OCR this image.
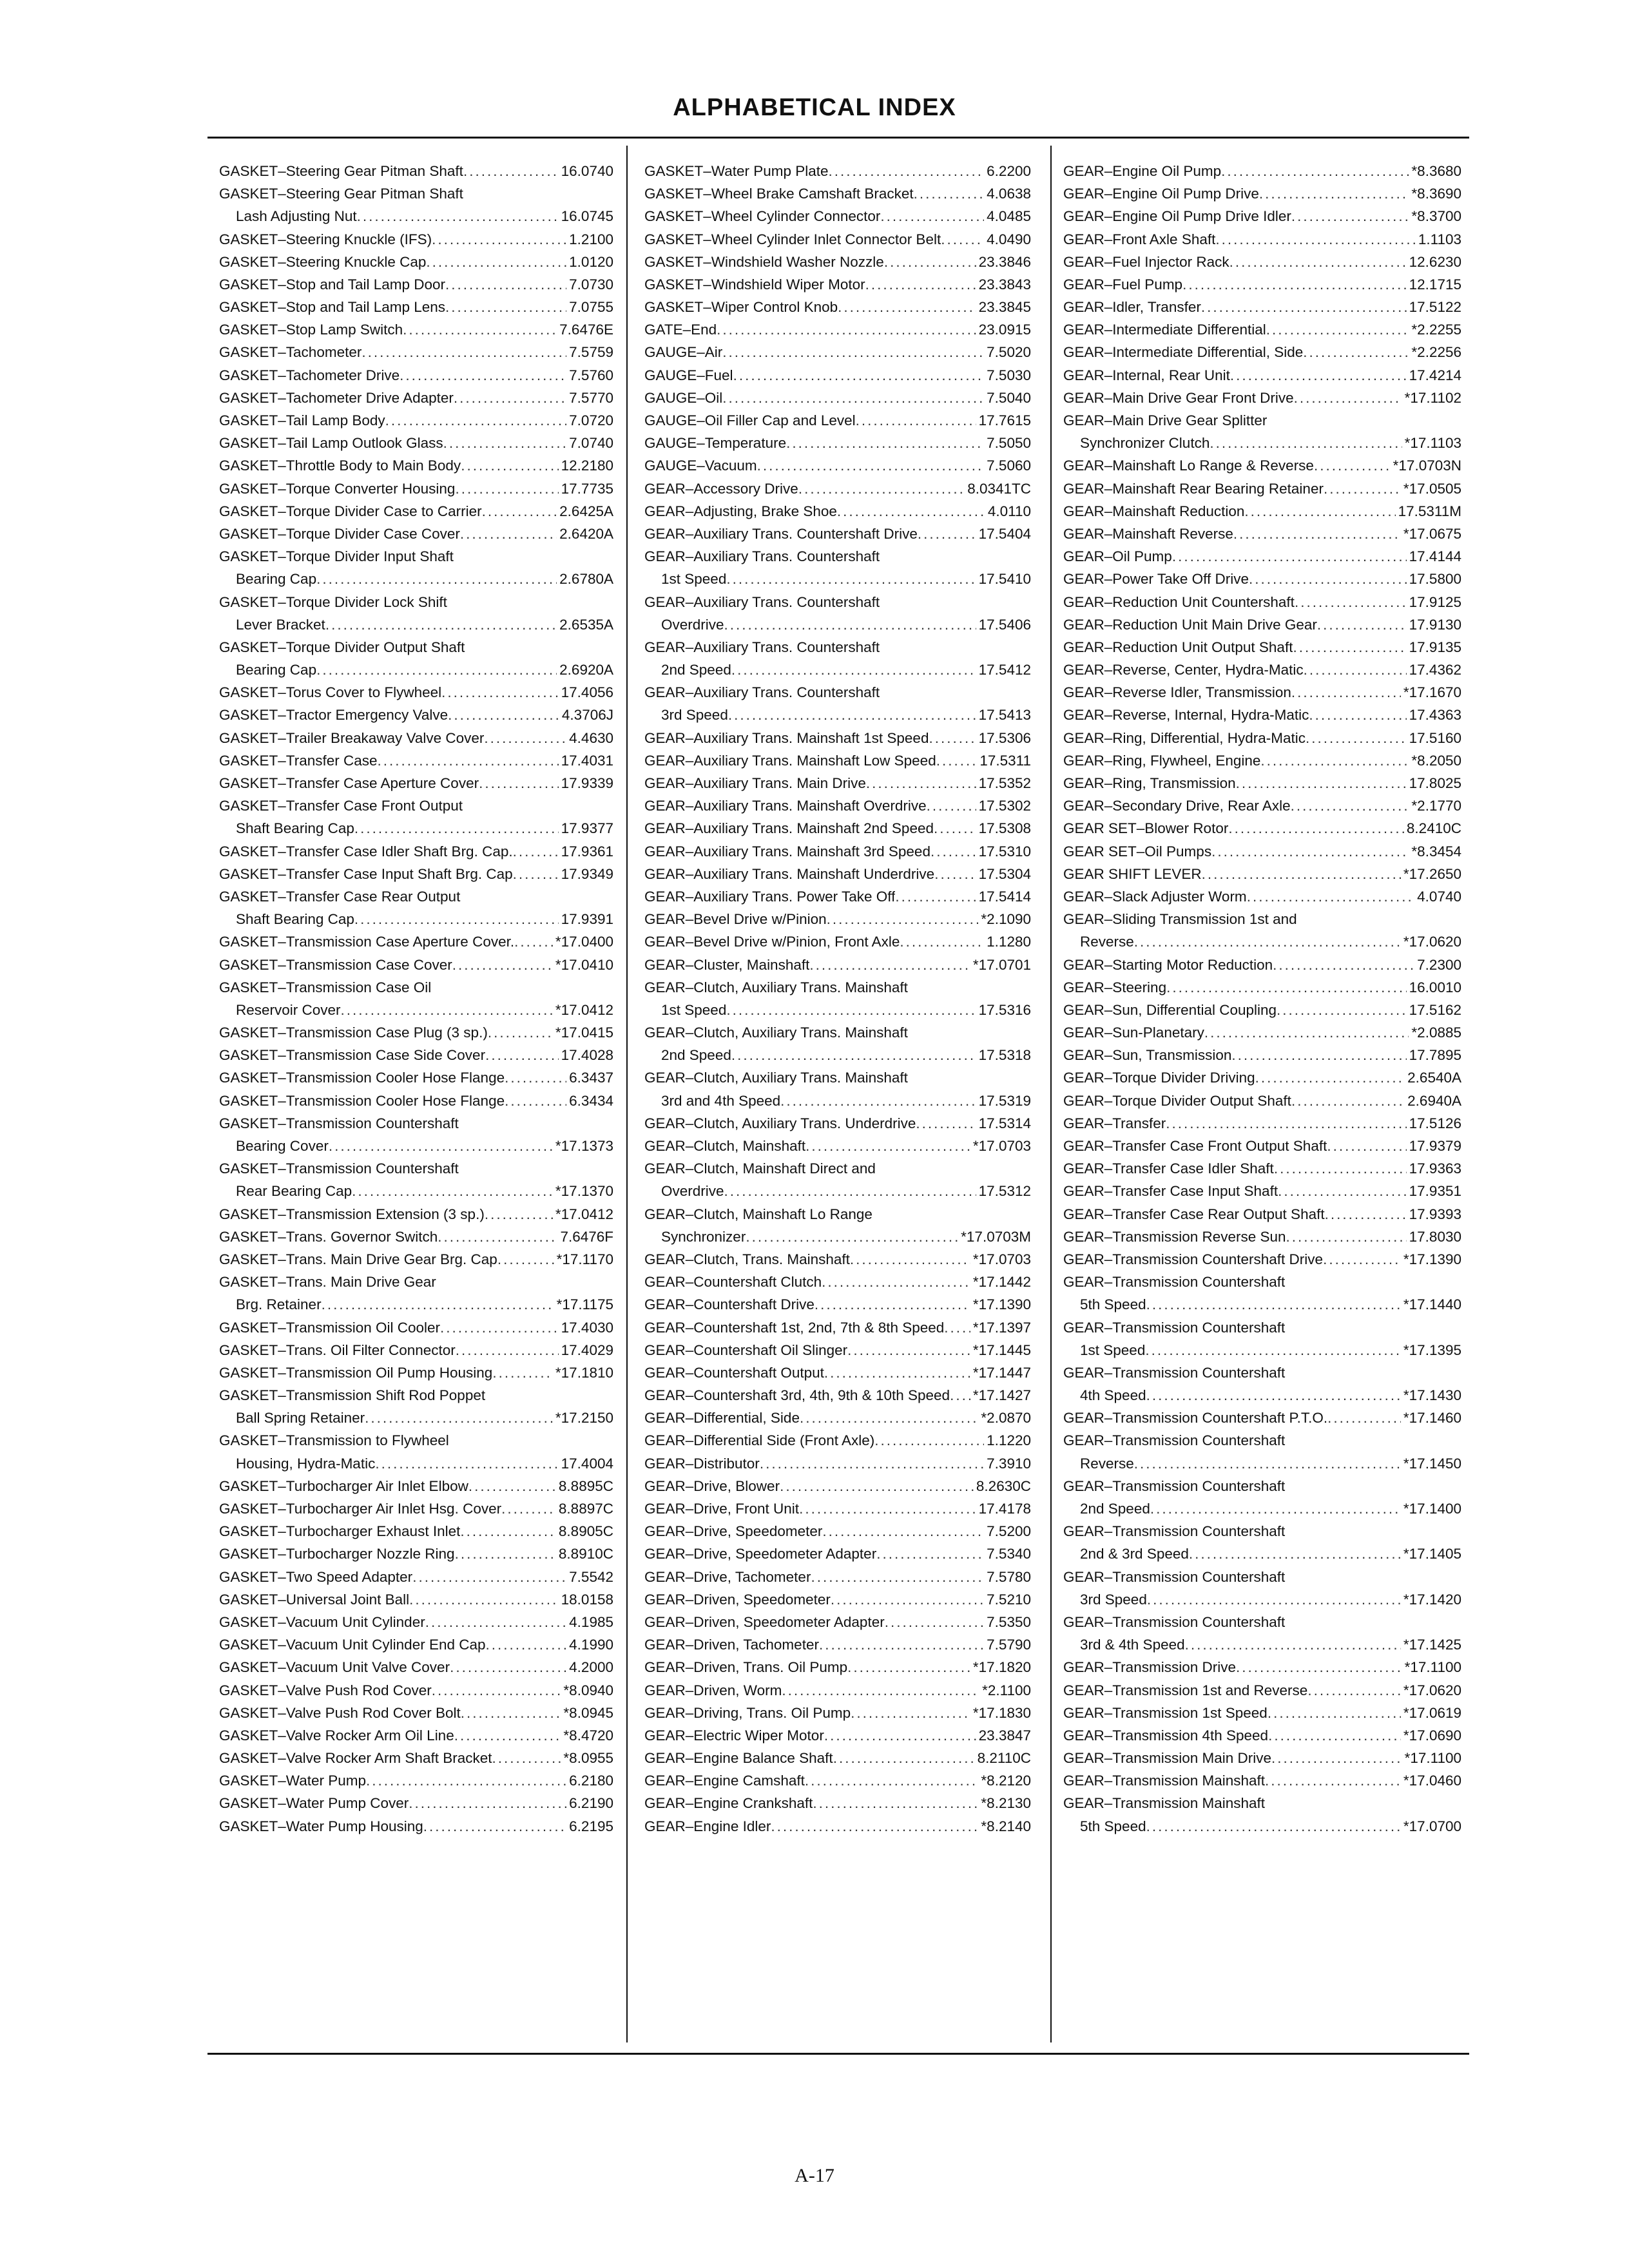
ALPHABETICAL INDEX
GASKET–Steering Gear Pitman Shaft .....	16.0740
GASKET–Steering Gear Pitman Shaft
Lash Adjusting Nut .....	16.0745
GASKET–Steering Knuckle (IFS) .....	1.2100
GASKET–Steering Knuckle Cap .....	1.0120
GASKET–Stop and Tail Lamp Door .....	7.0730
GASKET–Stop and Tail Lamp Lens .....	7.0755
GASKET–Stop Lamp Switch .....	7.6476E
GASKET–Tachometer .....	7.5759
GASKET–Tachometer Drive .....	7.5760
GASKET–Tachometer Drive Adapter .....	7.5770
GASKET–Tail Lamp Body .....	7.0720
GASKET–Tail Lamp Outlook Glass .....	7.0740
GASKET–Throttle Body to Main Body .....	12.2180
GASKET–Torque Converter Housing .....	17.7735
GASKET–Torque Divider Case to Carrier .....	2.6425A
GASKET–Torque Divider Case Cover .....	2.6420A
GASKET–Torque Divider Input Shaft
Bearing Cap .....	2.6780A
GASKET–Torque Divider Lock Shift
Lever Bracket .....	2.6535A
GASKET–Torque Divider Output Shaft
Bearing Cap .....	2.6920A
GASKET–Torus Cover to Flywheel .....	17.4056
GASKET–Tractor Emergency Valve .....	4.3706J
GASKET–Trailer Breakaway Valve Cover .....	4.4630
GASKET–Transfer Case .....	17.4031
GASKET–Transfer Case Aperture Cover .....	17.9339
GASKET–Transfer Case Front Output
Shaft Bearing Cap .....	17.9377
GASKET–Transfer Case Idler Shaft Brg. Cap. .....	17.9361
GASKET–Transfer Case Input Shaft Brg. Cap .....	17.9349
GASKET–Transfer Case Rear Output
Shaft Bearing Cap .....	17.9391
GASKET–Transmission Case Aperture Cover. .....	*17.0400
GASKET–Transmission Case Cover .....	*17.0410
GASKET–Transmission Case Oil
Reservoir Cover .....	*17.0412
GASKET–Transmission Case Plug (3 sp.) .....	*17.0415
GASKET–Transmission Case Side Cover .....	17.4028
GASKET–Transmission Cooler Hose Flange .....	6.3437
GASKET–Transmission Cooler Hose Flange .....	6.3434
GASKET–Transmission Countershaft
Bearing Cover .....	*17.1373
GASKET–Transmission Countershaft
Rear Bearing Cap .....	*17.1370
GASKET–Transmission Extension (3 sp.) .....	*17.0412
GASKET–Trans. Governor Switch .....	7.6476F
GASKET–Trans. Main Drive Gear Brg. Cap .....	*17.1170
GASKET–Trans. Main Drive Gear
Brg. Retainer .....	*17.1175
GASKET–Transmission Oil Cooler .....	17.4030
GASKET–Trans. Oil Filter Connector .....	17.4029
GASKET–Transmission Oil Pump Housing .....	*17.1810
GASKET–Transmission Shift Rod Poppet
Ball Spring Retainer .....	*17.2150
GASKET–Transmission to Flywheel
Housing, Hydra-Matic .....	17.4004
GASKET–Turbocharger Air Inlet Elbow .....	8.8895C
GASKET–Turbocharger Air Inlet Hsg. Cover .....	8.8897C
GASKET–Turbocharger Exhaust Inlet .....	8.8905C
GASKET–Turbocharger Nozzle Ring .....	8.8910C
GASKET–Two Speed Adapter .....	7.5542
GASKET–Universal Joint Ball .....	18.0158
GASKET–Vacuum Unit Cylinder .....	4.1985
GASKET–Vacuum Unit Cylinder End Cap .....	4.1990
GASKET–Vacuum Unit Valve Cover .....	4.2000
GASKET–Valve Push Rod Cover .....	*8.0940
GASKET–Valve Push Rod Cover Bolt .....	*8.0945
GASKET–Valve Rocker Arm Oil Line .....	*8.4720
GASKET–Valve Rocker Arm Shaft Bracket .....	*8.0955
GASKET–Water Pump .....	6.2180
GASKET–Water Pump Cover .....	6.2190
GASKET–Water Pump Housing .....	6.2195
GASKET–Water Pump Plate .....	6.2200
GASKET–Wheel Brake Camshaft Bracket .....	4.0638
GASKET–Wheel Cylinder Connector .....	4.0485
GASKET–Wheel Cylinder Inlet Connector Belt .....	4.0490
GASKET–Windshield Washer Nozzle .....	23.3846
GASKET–Windshield Wiper Motor .....	23.3843
GASKET–Wiper Control Knob .....	23.3845
GATE–End .....	23.0915
GAUGE–Air .....	7.5020
GAUGE–Fuel .....	7.5030
GAUGE–Oil .....	7.5040
GAUGE–Oil Filler Cap and Level .....	17.7615
GAUGE–Temperature .....	7.5050
GAUGE–Vacuum .....	7.5060
GEAR–Accessory Drive .....	8.0341TC
GEAR–Adjusting, Brake Shoe .....	4.0110
GEAR–Auxiliary Trans. Countershaft Drive .....	17.5404
GEAR–Auxiliary Trans. Countershaft
1st Speed .....	17.5410
GEAR–Auxiliary Trans. Countershaft
Overdrive .....	17.5406
GEAR–Auxiliary Trans. Countershaft
2nd Speed .....	17.5412
GEAR–Auxiliary Trans. Countershaft
3rd Speed .....	17.5413
GEAR–Auxiliary Trans. Mainshaft 1st Speed .....	17.5306
GEAR–Auxiliary Trans. Mainshaft Low Speed .....	17.5311
GEAR–Auxiliary Trans. Main Drive .....	17.5352
GEAR–Auxiliary Trans. Mainshaft Overdrive .....	17.5302
GEAR–Auxiliary Trans. Mainshaft 2nd Speed .....	17.5308
GEAR–Auxiliary Trans. Mainshaft 3rd Speed .....	17.5310
GEAR–Auxiliary Trans. Mainshaft Underdrive .....	17.5304
GEAR–Auxiliary Trans. Power Take Off .....	17.5414
GEAR–Bevel Drive w/Pinion .....	*2.1090
GEAR–Bevel Drive w/Pinion, Front Axle .....	1.1280
GEAR–Cluster, Mainshaft .....	*17.0701
GEAR–Clutch, Auxiliary Trans. Mainshaft
1st Speed .....	17.5316
GEAR–Clutch, Auxiliary Trans. Mainshaft
2nd Speed .....	17.5318
GEAR–Clutch, Auxiliary Trans. Mainshaft
3rd and 4th Speed .....	17.5319
GEAR–Clutch, Auxiliary Trans. Underdrive .....	17.5314
GEAR–Clutch, Mainshaft .....	*17.0703
GEAR–Clutch, Mainshaft Direct and
Overdrive .....	17.5312
GEAR–Clutch, Mainshaft Lo Range
Synchronizer .....	*17.0703M
GEAR–Clutch, Trans. Mainshaft .....	*17.0703
GEAR–Countershaft Clutch .....	*17.1442
GEAR–Countershaft Drive .....	*17.1390
GEAR–Countershaft 1st, 2nd, 7th & 8th Speed ..... *17.1397
GEAR–Countershaft Oil Slinger .....	*17.1445
GEAR–Countershaft Output .....	*17.1447
GEAR–Countershaft 3rd, 4th, 9th & 10th Speed ..... *17.1427
GEAR–Differential, Side .....	*2.0870
GEAR–Differential Side (Front Axle) .....	1.1220
GEAR–Distributor .....	7.3910
GEAR–Drive, Blower .....	8.2630C
GEAR–Drive, Front Unit .....	17.4178
GEAR–Drive, Speedometer .....	7.5200
GEAR–Drive, Speedometer Adapter .....	7.5340
GEAR–Drive, Tachometer .....	7.5780
GEAR–Driven, Speedometer .....	7.5210
GEAR–Driven, Speedometer Adapter .....	7.5350
GEAR–Driven, Tachometer .....	7.5790
GEAR–Driven, Trans. Oil Pump .....	*17.1820
GEAR–Driven, Worm .....	*2.1100
GEAR–Driving, Trans. Oil Pump .....	*17.1830
GEAR–Electric Wiper Motor .....	23.3847
GEAR–Engine Balance Shaft .....	8.2110C
GEAR–Engine Camshaft .....	*8.2120
GEAR–Engine Crankshaft .....	*8.2130
GEAR–Engine Idler .....	*8.2140
GEAR–Engine Oil Pump .....	*8.3680
GEAR–Engine Oil Pump Drive .....	*8.3690
GEAR–Engine Oil Pump Drive Idler .....	*8.3700
GEAR–Front Axle Shaft .....	1.1103
GEAR–Fuel Injector Rack .....	12.6230
GEAR–Fuel Pump .....	12.1715
GEAR–Idler, Transfer .....	17.5122
GEAR–Intermediate Differential .....	*2.2255
GEAR–Intermediate Differential, Side .....	*2.2256
GEAR–Internal, Rear Unit .....	17.4214
GEAR–Main Drive Gear Front Drive .....	*17.1102
GEAR–Main Drive Gear Splitter
Synchronizer Clutch .....	*17.1103
GEAR–Mainshaft Lo Range & Reverse .....	*17.0703N
GEAR–Mainshaft Rear Bearing Retainer .....	*17.0505
GEAR–Mainshaft Reduction .....	17.5311M
GEAR–Mainshaft Reverse .....	*17.0675
GEAR–Oil Pump .....	17.4144
GEAR–Power Take Off Drive .....	17.5800
GEAR–Reduction Unit Countershaft .....	17.9125
GEAR–Reduction Unit Main Drive Gear .....	17.9130
GEAR–Reduction Unit Output Shaft .....	17.9135
GEAR–Reverse, Center, Hydra-Matic .....	17.4362
GEAR–Reverse Idler, Transmission .....	*17.1670
GEAR–Reverse, Internal, Hydra-Matic .....	17.4363
GEAR–Ring, Differential, Hydra-Matic .....	17.5160
GEAR–Ring, Flywheel, Engine .....	*8.2050
GEAR–Ring, Transmission .....	17.8025
GEAR–Secondary Drive, Rear Axle .....	*2.1770
GEAR SET–Blower Rotor .....	8.2410C
GEAR SET–Oil Pumps .....	*8.3454
GEAR SHIFT LEVER .....	*17.2650
GEAR–Slack Adjuster Worm .....	4.0740
GEAR–Sliding Transmission 1st and
Reverse .....	*17.0620
GEAR–Starting Motor Reduction .....	7.2300
GEAR–Steering .....	16.0010
GEAR–Sun, Differential Coupling .....	17.5162
GEAR–Sun-Planetary .....	*2.0885
GEAR–Sun, Transmission .....	17.7895
GEAR–Torque Divider Driving .....	2.6540A
GEAR–Torque Divider Output Shaft .....	2.6940A
GEAR–Transfer .....	17.5126
GEAR–Transfer Case Front Output Shaft .....	17.9379
GEAR–Transfer Case Idler Shaft .....	17.9363
GEAR–Transfer Case Input Shaft .....	17.9351
GEAR–Transfer Case Rear Output Shaft .....	17.9393
GEAR–Transmission Reverse Sun .....	17.8030
GEAR–Transmission Countershaft Drive .....	*17.1390
GEAR–Transmission Countershaft
5th Speed .....	*17.1440
GEAR–Transmission Countershaft
1st Speed .....	*17.1395
GEAR–Transmission Countershaft
4th Speed .....	*17.1430
GEAR–Transmission Countershaft P.T.O. .....	*17.1460
GEAR–Transmission Countershaft
Reverse .....	*17.1450
GEAR–Transmission Countershaft
2nd Speed .....	*17.1400
GEAR–Transmission Countershaft
2nd & 3rd Speed .....	*17.1405
GEAR–Transmission Countershaft
3rd Speed .....	*17.1420
GEAR–Transmission Countershaft
3rd & 4th Speed .....	*17.1425
GEAR–Transmission Drive .....	*17.1100
GEAR–Transmission 1st and Reverse .....	*17.0620
GEAR–Transmission 1st Speed .....	*17.0619
GEAR–Transmission 4th Speed .....	*17.0690
GEAR–Transmission Main Drive .....	*17.1100
GEAR–Transmission Mainshaft .....	*17.0460
GEAR–Transmission Mainshaft
5th Speed .....	*17.0700
A-17
